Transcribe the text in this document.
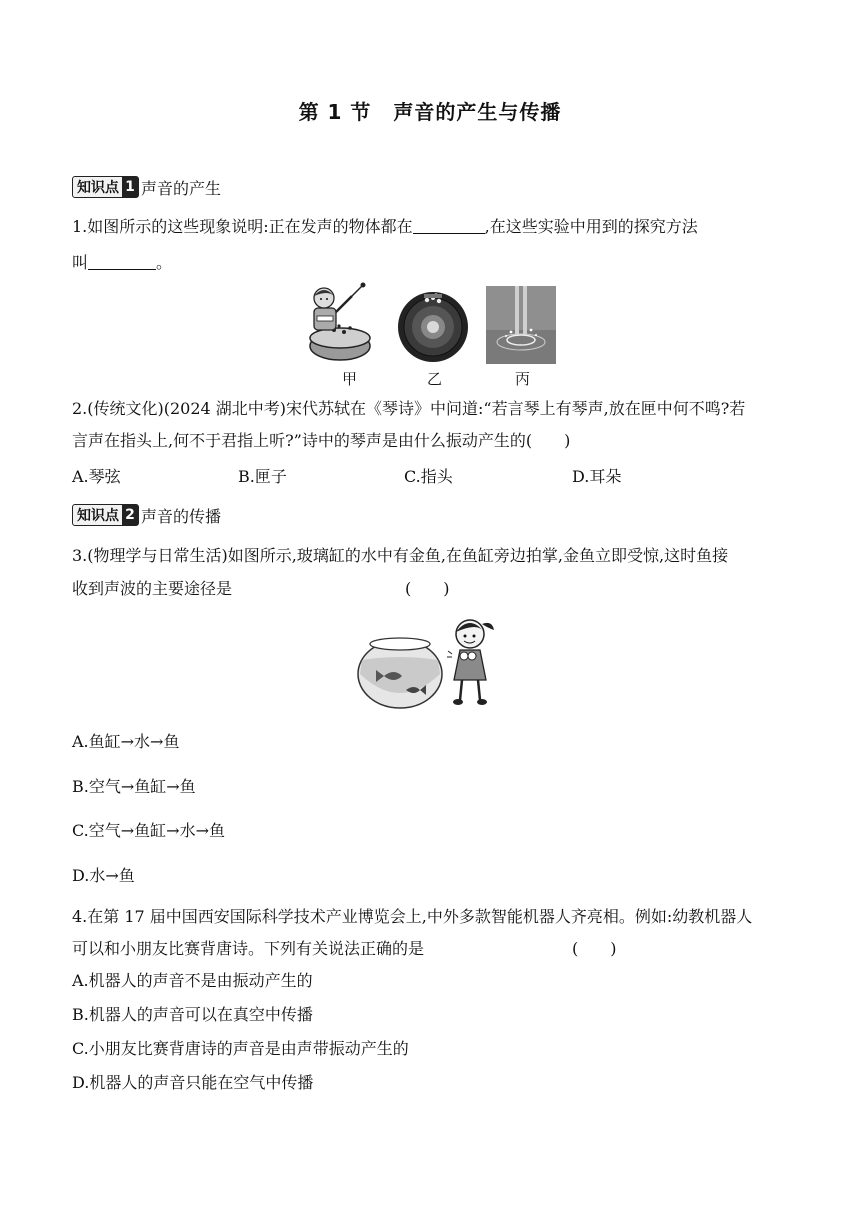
第 1 节 声音的产生与传播
知识点 1 声音的产生
1.如图所示的这些现象说明:正在发声的物体都在	,在这些实验中用到的探究方法
叫	。
甲	乙	丙
2.(传统文化)(2024 湖北中考)宋代苏轼在《琴诗》中问道:“若言琴上有琴声,放在匣中何不鸣?若
言声在指头上,何不于君指上听?”诗中的琴声是由什么振动产生的(　　)
A.琴弦	B.匣子	C.指头	D.耳朵
知识点 2 声音的传播
3.(物理学与日常生活)如图所示,玻璃缸的水中有金鱼,在鱼缸旁边拍掌,金鱼立即受惊,这时鱼接
收到声波的主要途径是	(　　)
A.鱼缸→水→鱼
B.空气→鱼缸→鱼
C.空气→鱼缸→水→鱼
D.水→鱼
4.在第 17 届中国西安国际科学技术产业博览会上,中外多款智能机器人齐亮相。例如:幼教机器人
可以和小朋友比赛背唐诗。下列有关说法正确的是	(　　)
A.机器人的声音不是由振动产生的
B.机器人的声音可以在真空中传播
C.小朋友比赛背唐诗的声音是由声带振动产生的
D.机器人的声音只能在空气中传播
